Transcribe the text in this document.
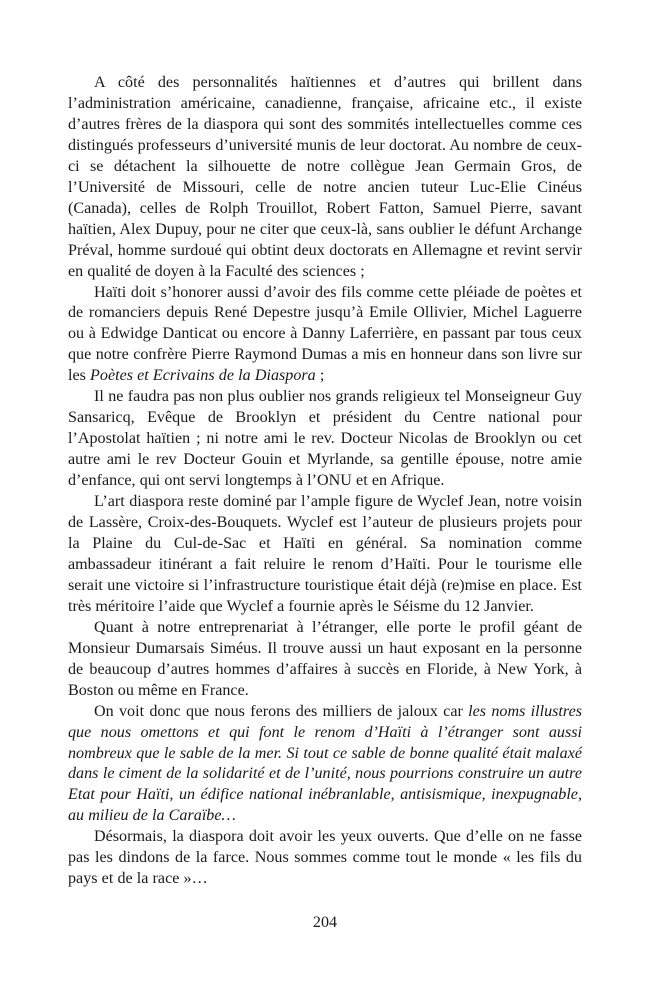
A côté des personnalités haïtiennes et d’autres qui brillent dans l’administration américaine, canadienne, française, africaine etc., il existe d’autres frères de la diaspora qui sont des sommités intellectuelles comme ces distingués professeurs d’université munis de leur doctorat. Au nombre de ceux-ci se détachent la silhouette de notre collègue Jean Germain Gros, de l’Université de Missouri, celle de notre ancien tuteur Luc-Elie Cinéus (Canada), celles de Rolph Trouillot, Robert Fatton, Samuel Pierre, savant haïtien, Alex Dupuy, pour ne citer que ceux-là, sans oublier le défunt Archange Préval, homme surdoué qui obtint deux doctorats en Allemagne et revint servir en qualité de doyen à la Faculté des sciences ;

Haïti doit s’honorer aussi d’avoir des fils comme cette pléiade de poètes et de romanciers depuis René Depestre jusqu’à Emile Ollivier, Michel Laguerre ou à Edwidge Danticat ou encore à Danny Laferrière, en passant par tous ceux que notre confrère Pierre Raymond Dumas a mis en honneur dans son livre sur les Poètes et Ecrivains de la Diaspora ;

Il ne faudra pas non plus oublier nos grands religieux tel Monseigneur Guy Sansaricq, Evêque de Brooklyn et président du Centre national pour l’Apostolat haïtien ; ni notre ami le rev. Docteur Nicolas de Brooklyn ou cet autre ami le rev Docteur Gouin et Myrlande, sa gentille épouse, notre amie d’enfance, qui ont servi longtemps à l’ONU et en Afrique.

L’art diaspora reste dominé par l’ample figure de Wyclef Jean, notre voisin de Lassère, Croix-des-Bouquets. Wyclef est l’auteur de plusieurs projets pour la Plaine du Cul-de-Sac et Haïti en général. Sa nomination comme ambassadeur itinérant a fait reluire le renom d’Haïti. Pour le tourisme elle serait une victoire si l’infrastructure touristique était déjà (re)mise en place. Est très méritoire l’aide que Wyclef a fournie après le Séisme du 12 Janvier.

Quant à notre entreprenariat à l’étranger, elle porte le profil géant de Monsieur Dumarsais Siméus. Il trouve aussi un haut exposant en la personne de beaucoup d’autres hommes d’affaires à succès en Floride, à New York, à Boston ou même en France.

On voit donc que nous ferons des milliers de jaloux car les noms illustres que nous omettons et qui font le renom d’Haïti à l’étranger sont aussi nombreux que le sable de la mer. Si tout ce sable de bonne qualité était malaxé dans le ciment de la solidarité et de l’unité, nous pourrions construire un autre Etat pour Haïti, un édifice national inébranlable, antisismique, inexpugnable, au milieu de la Caraïbe…

Désormais, la diaspora doit avoir les yeux ouverts. Que d’elle on ne fasse pas les dindons de la farce. Nous sommes comme tout le monde « les fils du pays et de la race »…

204
